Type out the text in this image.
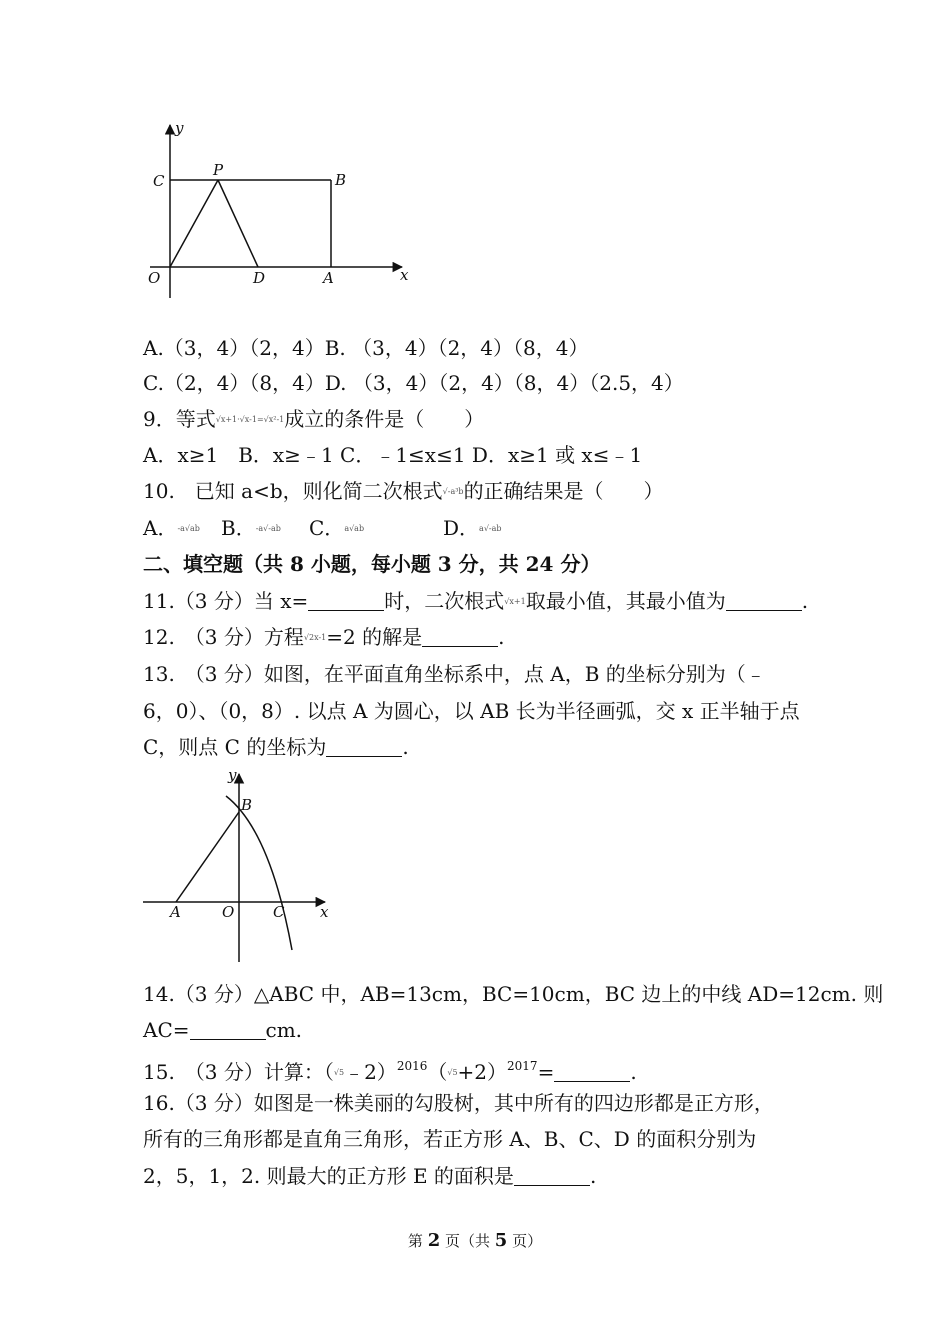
y
x
C
P
B
O	D	A
A.（3，4）（2，4）B. （3，4）（2，4）（8，4）
C.（2，4）（8，4）D. （3，4）（2，4）（8，4）（2.5，4）
9．等式$^{√x+1\cdot√x-1=√x^2-1}$成立的条件是（　　）
A．x≥1　B．x≥﹣1 C．﹣1≤x≤1 D．x≥1 或 x≤﹣1
10.　已知 a<b，则化简二次根式$^{√-a^3b}$的正确结果是（　　）
A．$^{-a√ab}$ B．$^{-a√-ab}$ C．$^{a√ab}$	D．$^{a√-ab}$
二、填空题（共 8 小题，每小题 3 分，共 24 分）
11.（3 分）当 x=	时，二次根式$^{√x+1}$取最小值，其最小值为	.
12.　（3 分）方程$^{√2x-1}$=2 的解是	.
13.　（3 分）如图，在平面直角坐标系中，点 A，B 的坐标分别为（﹣
6，0）、（0，8）. 以点 A 为圆心，以 AB 长为半径画弧，交 x 正半轴于点
C，则点 C 的坐标为	.
y
x
B
A	O	C
14.（3 分）△ABC 中，AB=13cm，BC=10cm，BC 边上的中线 AD=12cm. 则
AC=	cm.
15.　（3 分）计算：$(^{√5}﹣2)^{2016}(^{√5}+2)^{2017}=$	.
16.（3 分）如图是一株美丽的勾股树，其中所有的四边形都是正方形，
所有的三角形都是直角三角形，若正方形 A、B、C、D 的面积分别为
2，5，1，2. 则最大的正方形 E 的面积是	.
第 2 页（共 5 页）
